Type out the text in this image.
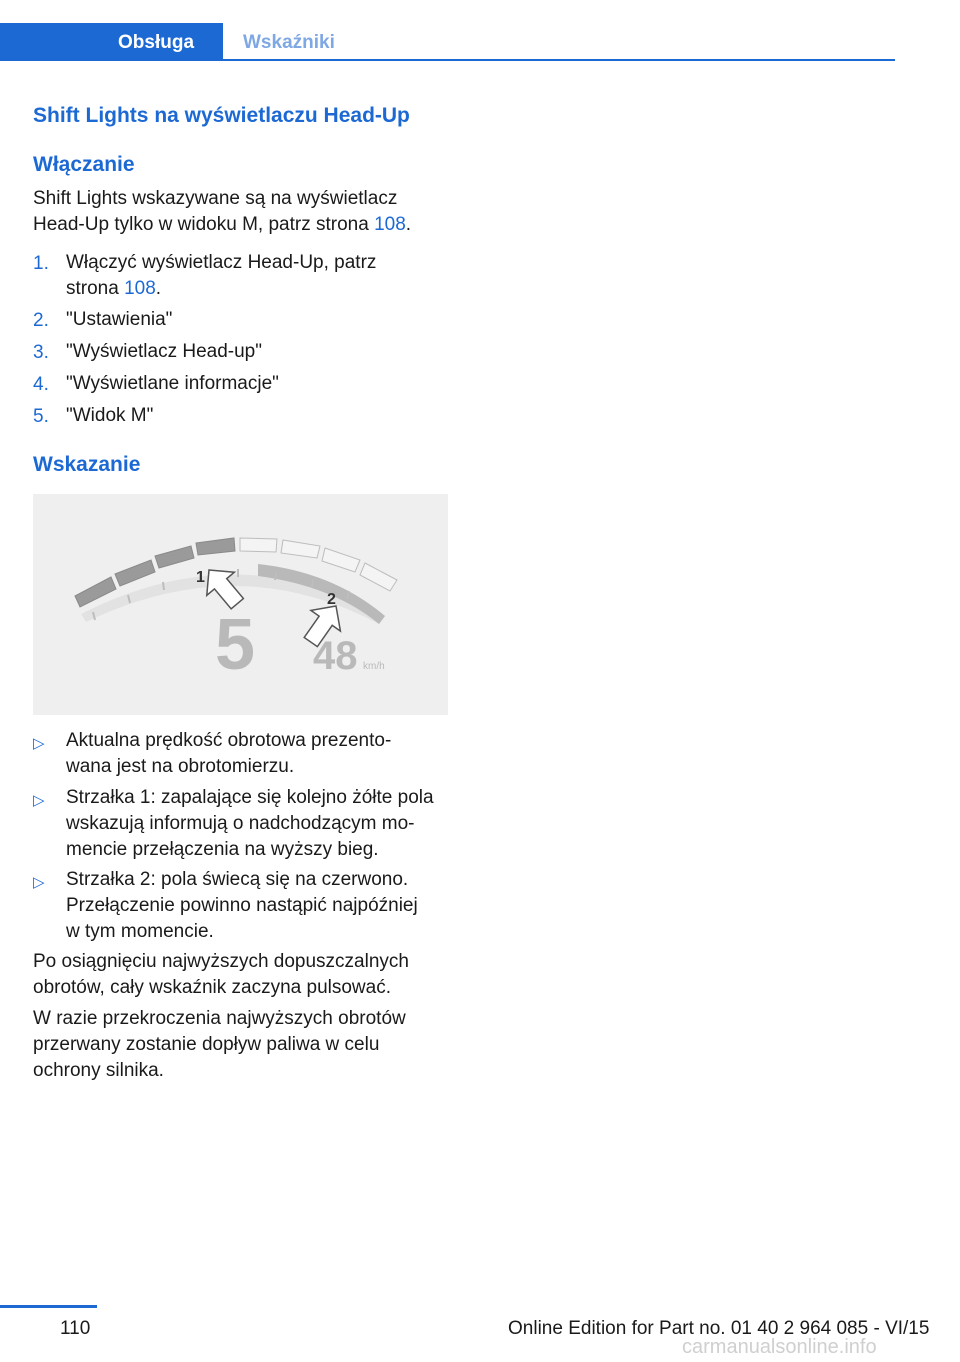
Obsługa	Wskaźniki
Shift Lights na wyświetlaczu Head-Up
Włączanie
Shift Lights wskazywane są na wyświetlacz
Head-Up tylko w widoku M, patrz strona 108.
1. Włączyć wyświetlacz Head-Up, patrz
strona 108.
2. "Ustawienia"
3. "Wyświetlacz Head-up"
4. "Wyświetlane informacje"
5. "Widok M"
Wskazanie
1
2
5 48 km/h
▷ Aktualna prędkość obrotowa prezento-
wana jest na obrotomierzu.
▷ Strzałka 1: zapalające się kolejno żółte pola
wskazują informują o nadchodzącym mo-
mencie przełączenia na wyższy bieg.
▷ Strzałka 2: pola świecą się na czerwono.
Przełączenie powinno nastąpić najpóźniej
w tym momencie.
Po osiągnięciu najwyższych dopuszczalnych
obrotów, cały wskaźnik zaczyna pulsować.
W razie przekroczenia najwyższych obrotów
przerwany zostanie dopływ paliwa w celu
ochrony silnika.
110	Online Edition for Part no. 01 40 2 964 085 - VI/15
carmanualsonline.info
